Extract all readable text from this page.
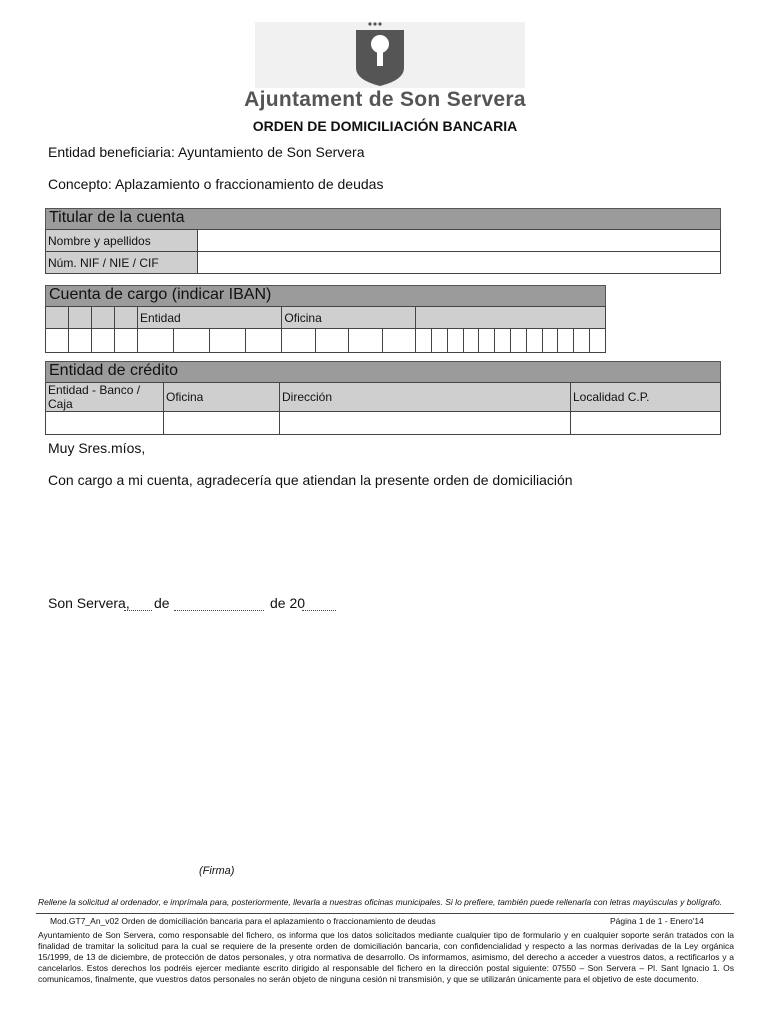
Ajuntament de Son Servera
ORDEN DE DOMICILIACIÓN BANCARIA
Entidad beneficiaria: Ayuntamiento de Son Servera
Concepto: Aplazamiento o fraccionamiento de deudas
Titular de la cuenta
Nombre y apellidos	
Núm. NIF / NIE / CIF	
Cuenta de cargo (indicar IBAN)
				Entidad				Oficina															

Entidad de crédito
Entidad - Banco / Caja	Oficina	Dirección	Localidad C.P.

Muy Sres.míos,
Con cargo a mi cuenta, agradecería que atiendan la presente orden de domiciliación
Son Servera, de	de 20
(Firma)
Rellene la solicitud al ordenador, e imprímala para, posteriormente, llevarla a nuestras oficinas municipales. Si lo prefiere, también puede rellenarla con letras mayúsculas y bolígrafo.
Mod.GT7_An_v02 Orden de domiciliación bancaria para el aplazamiento o fraccionamiento de deudas	Página 1 de 1 - Enero'14
Ayuntamiento de Son Servera, como responsable del fichero, os informa que los datos solicitados mediante cualquier tipo de formulario y en cualquier soporte serán tratados con la finalidad de tramitar la solicitud para la cual se requiere de la presente orden de domiciliación bancaria, con confidencialidad y respecto a las normas derivadas de la Ley orgánica 15/1999, de 13 de diciembre, de protección de datos personales, y otra normativa de desarrollo. Os informamos, asimismo, del derecho a acceder a vuestros datos, a rectificarlos y a cancelarlos. Estos derechos los podréis ejercer mediante escrito dirigido al responsable del fichero en la dirección postal siguiente: 07550 – Son Servera – Pl. Sant Ignacio 1. Os comunicamos, finalmente, que vuestros datos personales no serán objeto de ninguna cesión ni transmisión, y que se utilizarán únicamente para el objetivo de este documento.
